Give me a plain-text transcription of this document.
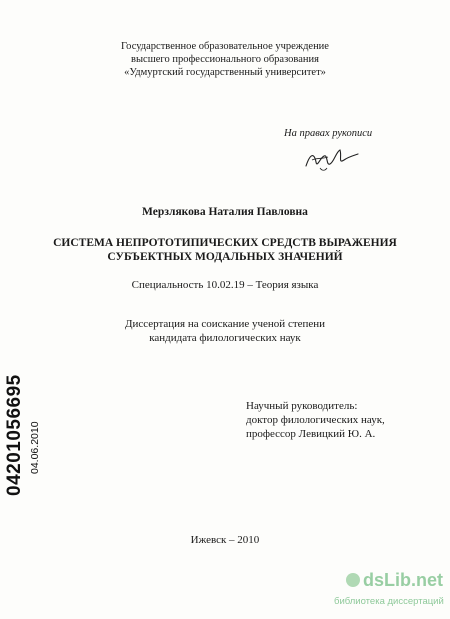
Государственное образовательное учреждение
высшего профессионального образования
«Удмуртский государственный университет»
На правах рукописи
Мерзлякова Наталия Павловна
СИСТЕМА НЕПРОТОТИПИЧЕСКИХ СРЕДСТВ ВЫРАЖЕНИЯ
СУБЪЕКТНЫХ МОДАЛЬНЫХ ЗНАЧЕНИЙ
Специальность 10.02.19 – Теория языка
Диссертация на соискание ученой степени
кандидата филологических наук
Научный руководитель:
доктор филологических наук,
профессор Левицкий Ю. А.
Ижевск – 2010
04201056695 04.06.2010
dsLib.net
библиотека диссертаций
